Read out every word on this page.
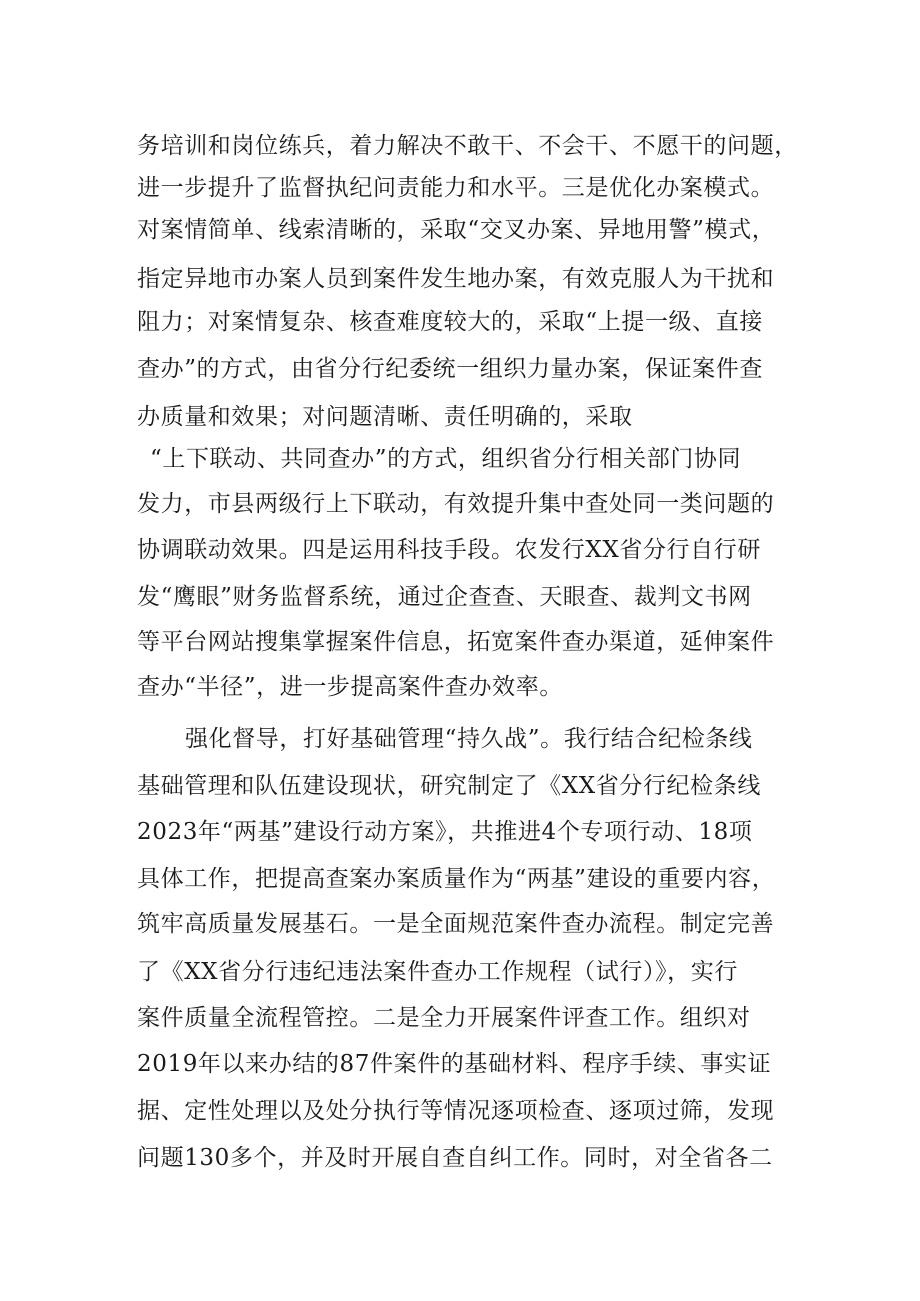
务培训和岗位练兵，着力解决不敢干、不会干、不愿干的问题，
进一步提升了监督执纪问责能力和水平。三是优化办案模式。
对案情简单、线索清晰的，采取“交叉办案、异地用警”模式，
指定异地市办案人员到案件发生地办案，有效克服人为干扰和
阻力；对案情复杂、核查难度较大的，采取“上提一级、直接
查办”的方式，由省分行纪委统一组织力量办案，保证案件查
办质量和效果；对问题清晰、责任明确的，采取
“上下联动、共同查办”的方式，组织省分行相关部门协同
发力，市县两级行上下联动，有效提升集中查处同一类问题的
协调联动效果。四是运用科技手段。农发行XX省分行自行研
发“鹰眼”财务监督系统，通过企查查、天眼查、裁判文书网
等平台网站搜集掌握案件信息，拓宽案件查办渠道，延伸案件
查办“半径”，进一步提高案件查办效率。
强化督导，打好基础管理“持久战”。我行结合纪检条线
基础管理和队伍建设现状，研究制定了《XX省分行纪检条线
2023年“两基”建设行动方案》，共推进4个专项行动、18项
具体工作，把提高查案办案质量作为“两基”建设的重要内容，
筑牢高质量发展基石。一是全面规范案件查办流程。制定完善
了《XX省分行违纪违法案件查办工作规程（试行）》，实行
案件质量全流程管控。二是全力开展案件评查工作。组织对
2019年以来办结的87件案件的基础材料、程序手续、事实证
据、定性处理以及处分执行等情况逐项检查、逐项过筛，发现
问题130多个，并及时开展自查自纠工作。同时，对全省各二
